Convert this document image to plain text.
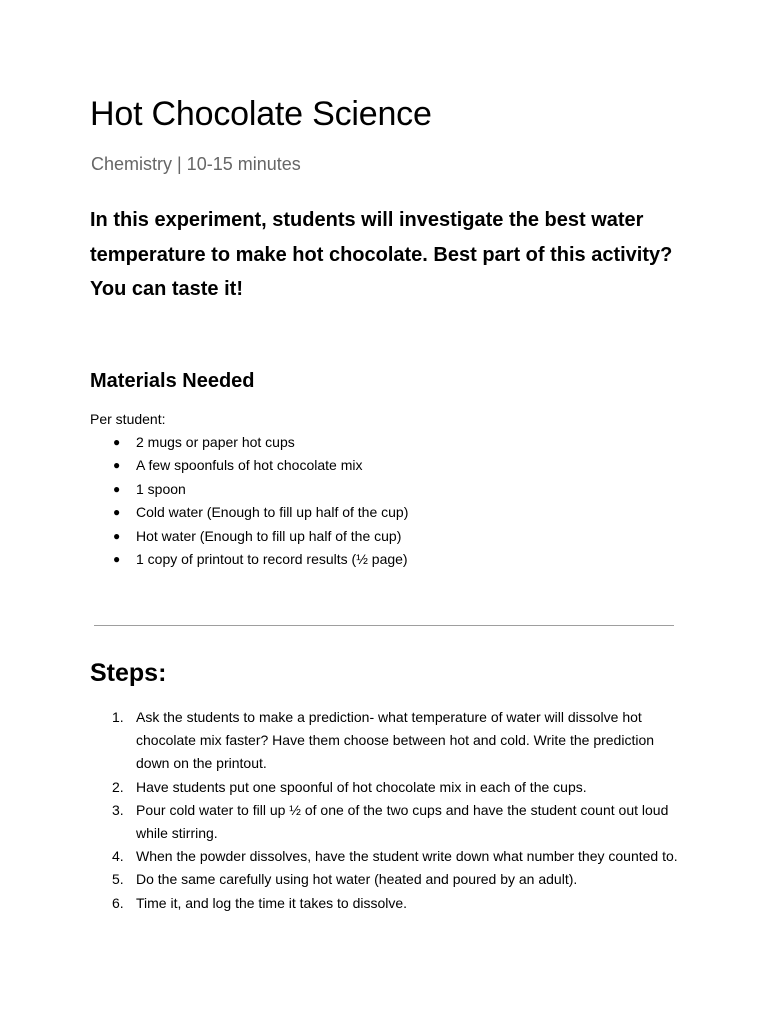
Hot Chocolate Science

Chemistry | 10-15 minutes

In this experiment, students will investigate the best water temperature to make hot chocolate. Best part of this activity? You can taste it!

Materials Needed

Per student:

● 2 mugs or paper hot cups
● A few spoonfuls of hot chocolate mix
● 1 spoon
● Cold water (Enough to fill up half of the cup)
● Hot water (Enough to fill up half of the cup)
● 1 copy of printout to record results (½ page)
Steps:
1. Ask the students to make a prediction- what temperature of water will dissolve hot chocolate mix faster? Have them choose between hot and cold. Write the prediction down on the printout.
2. Have students put one spoonful of hot chocolate mix in each of the cups.
3. Pour cold water to fill up ½ of one of the two cups and have the student count out loud while stirring.
4. When the powder dissolves, have the student write down what number they counted to.
5. Do the same carefully using hot water (heated and poured by an adult).
6. Time it, and log the time it takes to dissolve.
